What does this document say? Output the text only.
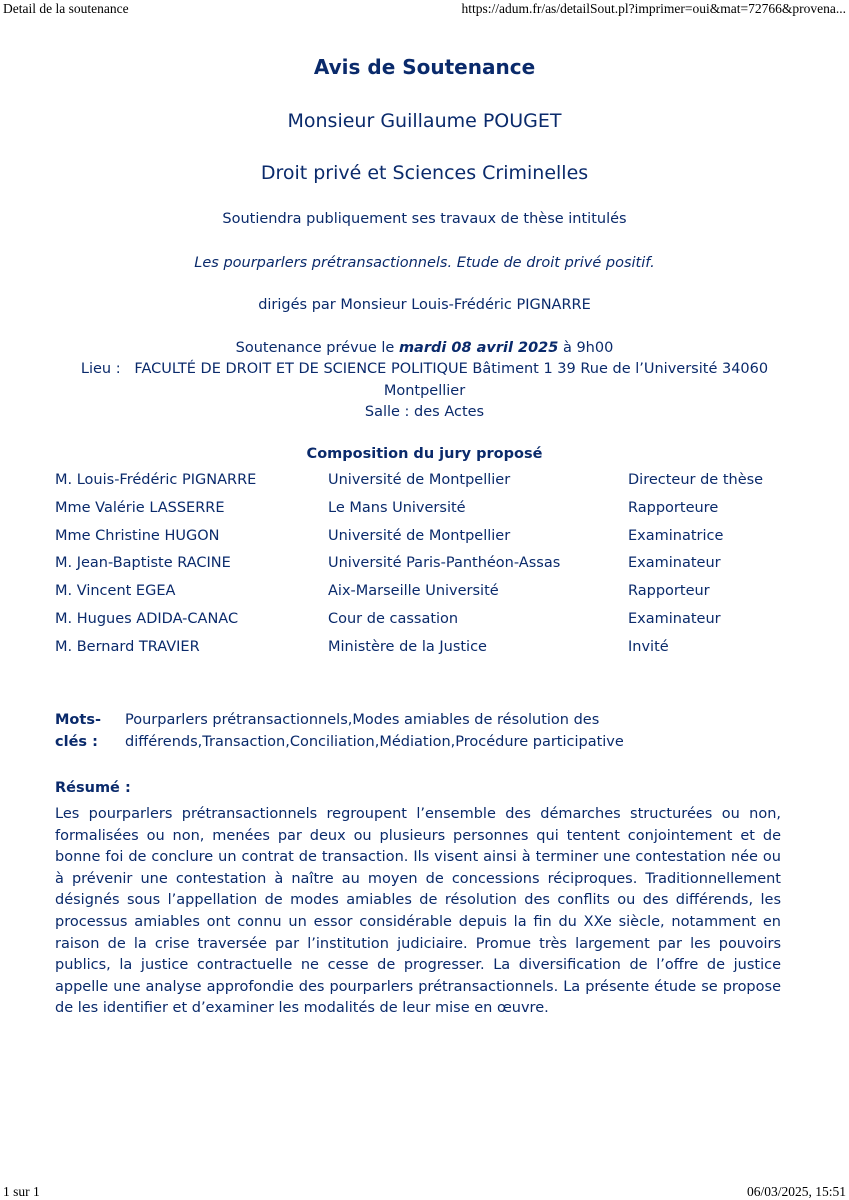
Detail de la soutenance	https://adum.fr/as/detailSout.pl?imprimer=oui&mat=72766&provena...
Avis de Soutenance
Monsieur Guillaume POUGET
Droit privé et Sciences Criminelles
Soutiendra publiquement ses travaux de thèse intitulés
Les pourparlers prétransactionnels. Etude de droit privé positif.
dirigés par Monsieur Louis-Frédéric PIGNARRE
Soutenance prévue le mardi 08 avril 2025 à 9h00
Lieu :   FACULTÉ DE DROIT ET DE SCIENCE POLITIQUE Bâtiment 1 39 Rue de l’Université 34060
Montpellier
Salle : des Actes
Composition du jury proposé
M. Louis-Frédéric PIGNARRE	Université de Montpellier	Directeur de thèse
Mme Valérie LASSERRE	Le Mans Université	Rapporteure
Mme Christine HUGON	Université de Montpellier	Examinatrice
M. Jean-Baptiste RACINE	Université Paris-Panthéon-Assas	Examinateur
M. Vincent EGEA	Aix-Marseille Université	Rapporteur
M. Hugues ADIDA-CANAC	Cour de cassation	Examinateur
M. Bernard TRAVIER	Ministère de la Justice	Invité
Mots-clés :
Pourparlers prétransactionnels,Modes amiables de résolution des différends,Transaction,Conciliation,Médiation,Procédure participative
Résumé :
Les pourparlers prétransactionnels regroupent l’ensemble des démarches structurées ou non, formalisées ou non, menées par deux ou plusieurs personnes qui tentent conjointement et de bonne foi de conclure un contrat de transaction. Ils visent ainsi à terminer une contestation née ou à prévenir une contestation à naître au moyen de concessions réciproques. Traditionnellement désignés sous l’appellation de modes amiables de résolution des conflits ou des différends, les processus amiables ont connu un essor considérable depuis la fin du XXe siècle, notamment en raison de la crise traversée par l’institution judiciaire. Promue très largement par les pouvoirs publics, la justice contractuelle ne cesse de progresser. La diversification de l’offre de justice appelle une analyse approfondie des pourparlers prétransactionnels. La présente étude se propose de les identifier et d’examiner les modalités de leur mise en œuvre.
1 sur 1	06/03/2025, 15:51
